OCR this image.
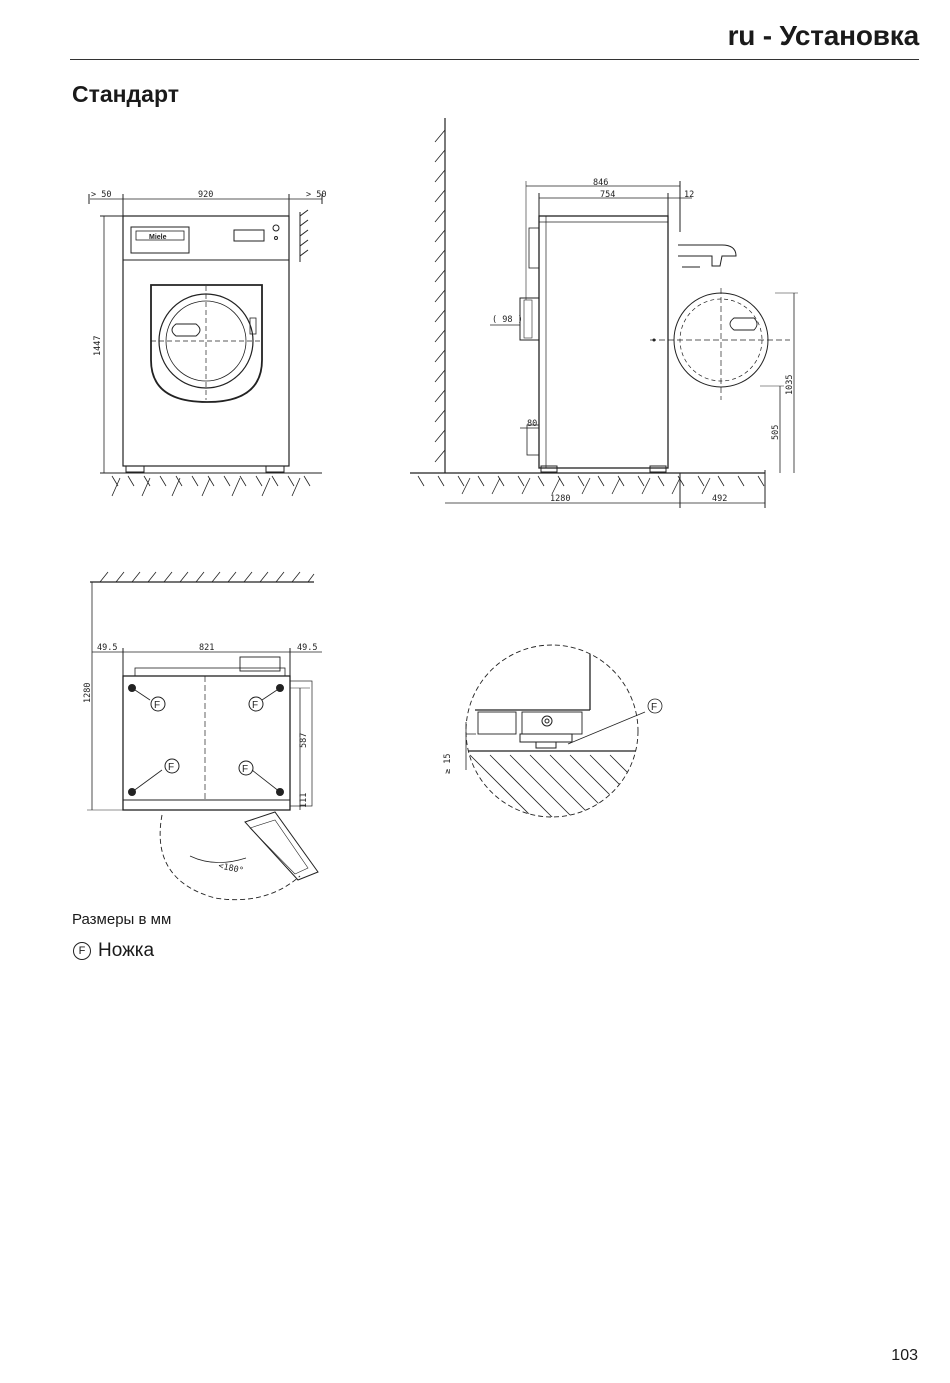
ru - Установка
Стандарт
> 50	920	> 50
1447
Miele
846
754	12
( 98 )
80
1280	492
1035
505
49.5	821	49.5
1280
587
111
<180°
F	F
F	F	≥ 15
F
Размеры в мм
F Ножка
103
